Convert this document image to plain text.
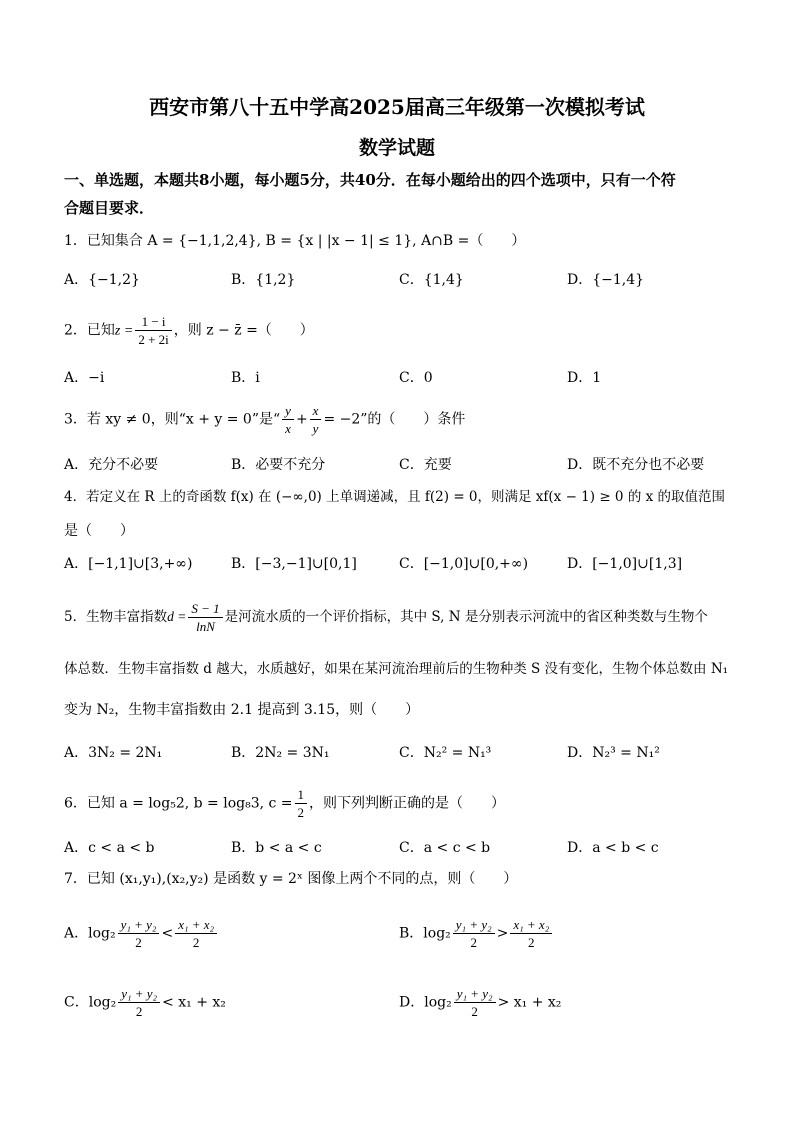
西安市第八十五中学高2025届高三年级第一次模拟考试
数学试题
一、单选题，本题共8小题，每小题5分，共40分．在每小题给出的四个选项中，只有一个符
合题目要求．
1．已知集合 A = {−1,1,2,4}, B = {x | |x − 1| ≤ 1}, A∩B =（　　）
A．{−1,2}	B．{1,2}	C．{1,4}	D．{−1,4}
2．已知$z = \frac{1 - i}{2 + 2i}$ ，则 z − z̄ =（　　）
A．−i	B．i	C．0	D．1
3．若 xy ≠ 0，则“x + y = 0”是“ $\frac{y}{x} + \frac{x}{y} = -2$”的（　　）条件
A．充分不必要	B．必要不充分	C．充要	D．既不充分也不必要
4．若定义在 R 上的奇函数 f(x) 在 (−∞,0) 上单调递减，且 f(2) = 0，则满足 xf(x − 1) ≥ 0 的 x 的取值范围
是（　　）
A．[−1,1]∪[3,+∞)	B．[−3,−1]∪[0,1]	C．[−1,0]∪[0,+∞)	D．[−1,0]∪[1,3]
5．生物丰富指数$d = \frac{S - 1}{\ln N}$ 是河流水质的一个评价指标，其中 S, N 是分别表示河流中的省区种类数与生物个
体总数．生物丰富指数 d 越大，水质越好，如果在某河流治理前后的生物种类 S 没有变化，生物个体总数由 N₁
变为 N₂，生物丰富指数由 2.1 提高到 3.15，则（　　）
A．3N₂ = 2N₁	B．2N₂ = 3N₁	C．N₂² = N₁³	D．N₂³ = N₁²
6．已知 a = log₅2, b = log₈3, $c = \frac{1}{2}$ ，则下列判断正确的是（　　）
A．c < a < b	B．b < a < c	C．a < c < b	D．a < b < c
7．已知 (x₁,y₁),(x₂,y₂) 是函数 y = 2ˣ 图像上两个不同的点，则（　　）
A．$\log_2 \frac{\text{y₁ + y₂}}{2} < \frac{\text{x₁ + x₂}}{2}$	B．$\log_2 \frac{\text{y₁ + y₂}}{2} > \frac{\text{x₁ + x₂}}{2}$
C．$\log_2 \frac{\text{y₁ + y₂}}{2} < x_1 + x_2$	D．$\log_2 \frac{\text{y₁ + y₂}}{2} > x_1 + x_2$
